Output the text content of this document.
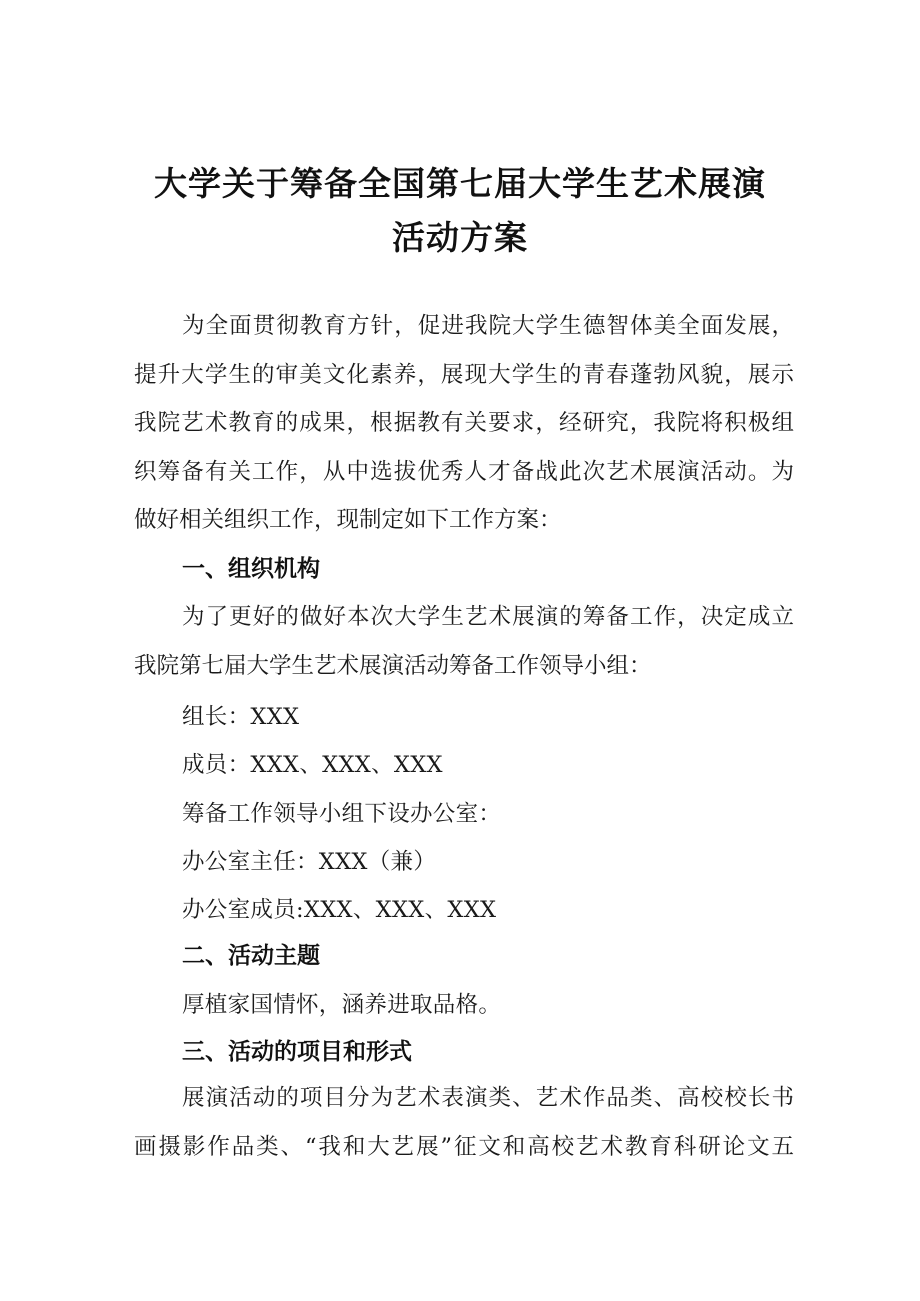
大学关于筹备全国第七届大学生艺术展演
活动方案
为全面贯彻教育方针，促进我院大学生德智体美全面发展，
提升大学生的审美文化素养，展现大学生的青春蓬勃风貌，展示
我院艺术教育的成果，根据教有关要求，经研究，我院将积极组
织筹备有关工作，从中选拔优秀人才备战此次艺术展演活动。为
做好相关组织工作，现制定如下工作方案：
一、组织机构
为了更好的做好本次大学生艺术展演的筹备工作，决定成立
我院第七届大学生艺术展演活动筹备工作领导小组：
组长：XXX
成员：XXX、XXX、XXX
筹备工作领导小组下设办公室：
办公室主任：XXX（兼）
办公室成员:XXX、XXX、XXX
二、活动主题
厚植家国情怀，涵养进取品格。
三、活动的项目和形式
展演活动的项目分为艺术表演类、艺术作品类、高校校长书
画摄影作品类、“我和大艺展”征文和高校艺术教育科研论文五
